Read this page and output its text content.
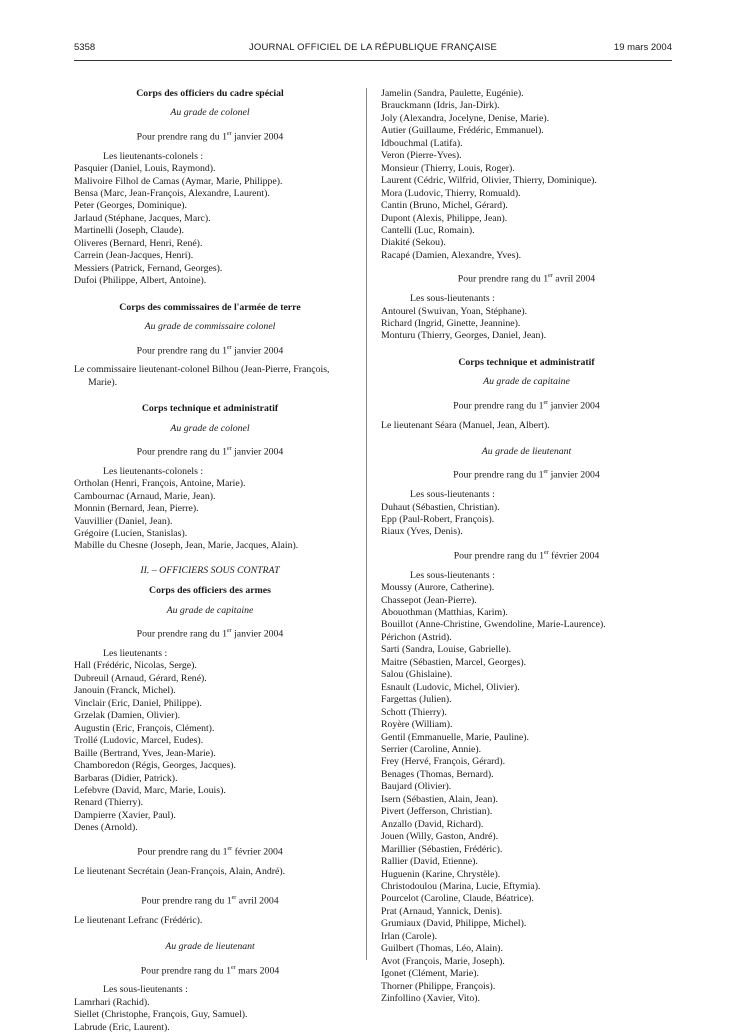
5358	JOURNAL OFFICIEL DE LA RÉPUBLIQUE FRANÇAISE	19 mars 2004

Corps des officiers du cadre spécial

Au grade de colonel

Pour prendre rang du 1er janvier 2004

Les lieutenants-colonels :

Pasquier (Daniel, Louis, Raymond).

Malivoire Filhol de Camas (Aymar, Marie, Philippe).

Bensa (Marc, Jean-François, Alexandre, Laurent).

Peter (Georges, Dominique).

Jarlaud (Stéphane, Jacques, Marc).

Martinelli (Joseph, Claude).

Oliveres (Bernard, Henri, René).

Carrein (Jean-Jacques, Henri).

Messiers (Patrick, Fernand, Georges).

Dufoi (Philippe, Albert, Antoine).

Corps des commissaires de l'armée de terre

Au grade de commissaire colonel

Pour prendre rang du 1er janvier 2004

Le commissaire lieutenant-colonel Bilhou (Jean-Pierre, François, Marie).

Corps technique et administratif

Au grade de colonel

Pour prendre rang du 1er janvier 2004

Les lieutenants-colonels :

Ortholan (Henri, François, Antoine, Marie).

Cambournac (Arnaud, Marie, Jean).

Monnin (Bernard, Jean, Pierre).

Vauvillier (Daniel, Jean).

Grégoire (Lucien, Stanislas).

Mabille du Chesne (Joseph, Jean, Marie, Jacques, Alain).

II. – OFFICIERS SOUS CONTRAT

Corps des officiers des armes

Au grade de capitaine

Pour prendre rang du 1er janvier 2004

Les lieutenants :

Hall (Frédéric, Nicolas, Serge).

Dubreuil (Arnaud, Gérard, René).

Janouin (Franck, Michel).

Vinclair (Eric, Daniel, Philippe).

Grzelak (Damien, Olivier).

Augustin (Eric, François, Clément).

Trollé (Ludovic, Marcel, Eudes).

Baille (Bertrand, Yves, Jean-Marie).

Chamboredon (Régis, Georges, Jacques).

Barbaras (Didier, Patrick).

Lefebvre (David, Marc, Marie, Louis).

Renard (Thierry).

Dampierre (Xavier, Paul).

Denes (Arnold).

Pour prendre rang du 1er février 2004

Le lieutenant Secrétain (Jean-François, Alain, André).

Pour prendre rang du 1er avril 2004

Le lieutenant Lefranc (Frédéric).

Au grade de lieutenant

Pour prendre rang du 1er mars 2004

Les sous-lieutenants :

Lamrhari (Rachid).

Siellet (Christophe, François, Guy, Samuel).

Labrude (Eric, Laurent).

Jamelin (Sandra, Paulette, Eugénie).

Brauckmann (Idris, Jan-Dirk).

Joly (Alexandra, Jocelyne, Denise, Marie).

Autier (Guillaume, Frédéric, Emmanuel).

Idbouchmal (Latifa).

Veron (Pierre-Yves).

Monsieur (Thierry, Louis, Roger).

Laurent (Cédric, Wilfrid, Olivier, Thierry, Dominique).

Mora (Ludovic, Thierry, Romuald).

Cantin (Bruno, Michel, Gérard).

Dupont (Alexis, Philippe, Jean).

Cantelli (Luc, Romain).

Diakité (Sekou).

Racapé (Damien, Alexandre, Yves).

Pour prendre rang du 1er avril 2004

Les sous-lieutenants :

Antourel (Swuivan, Yoan, Stéphane).

Richard (Ingrid, Ginette, Jeannine).

Monturu (Thierry, Georges, Daniel, Jean).

Corps technique et administratif

Au grade de capitaine

Pour prendre rang du 1er janvier 2004

Le lieutenant Séara (Manuel, Jean, Albert).

Au grade de lieutenant

Pour prendre rang du 1er janvier 2004

Les sous-lieutenants :

Duhaut (Sébastien, Christian).

Epp (Paul-Robert, François).

Riaux (Yves, Denis).

Pour prendre rang du 1er février 2004

Les sous-lieutenants :

Moussy (Aurore, Catherine).

Chassepot (Jean-Pierre).

Abouothman (Matthias, Karim).

Bouillot (Anne-Christine, Gwendoline, Marie-Laurence).

Périchon (Astrid).

Sarti (Sandra, Louise, Gabrielle).

Maitre (Sébastien, Marcel, Georges).

Salou (Ghislaine).

Esnault (Ludovic, Michel, Olivier).

Fargettas (Julien).

Schott (Thierry).

Royère (William).

Gentil (Emmanuelle, Marie, Pauline).

Serrier (Caroline, Annie).

Frey (Hervé, François, Gérard).

Benages (Thomas, Bernard).

Baujard (Olivier).

Isern (Sébastien, Alain, Jean).

Pivert (Jefferson, Christian).

Anzallo (David, Richard).

Jouen (Willy, Gaston, André).

Marillier (Sébastien, Frédéric).

Rallier (David, Etienne).

Huguenin (Karine, Chrystèle).

Christodoulou (Marina, Lucie, Eftymia).

Pourcelot (Caroline, Claude, Béatrice).

Prat (Arnaud, Yannick, Denis).

Grumiaux (David, Philippe, Michel).

Irlan (Carole).

Guilbert (Thomas, Léo, Alain).

Avot (François, Marie, Joseph).

Igonet (Clément, Marie).

Thorner (Philippe, François).

Zinfollino (Xavier, Vito).
